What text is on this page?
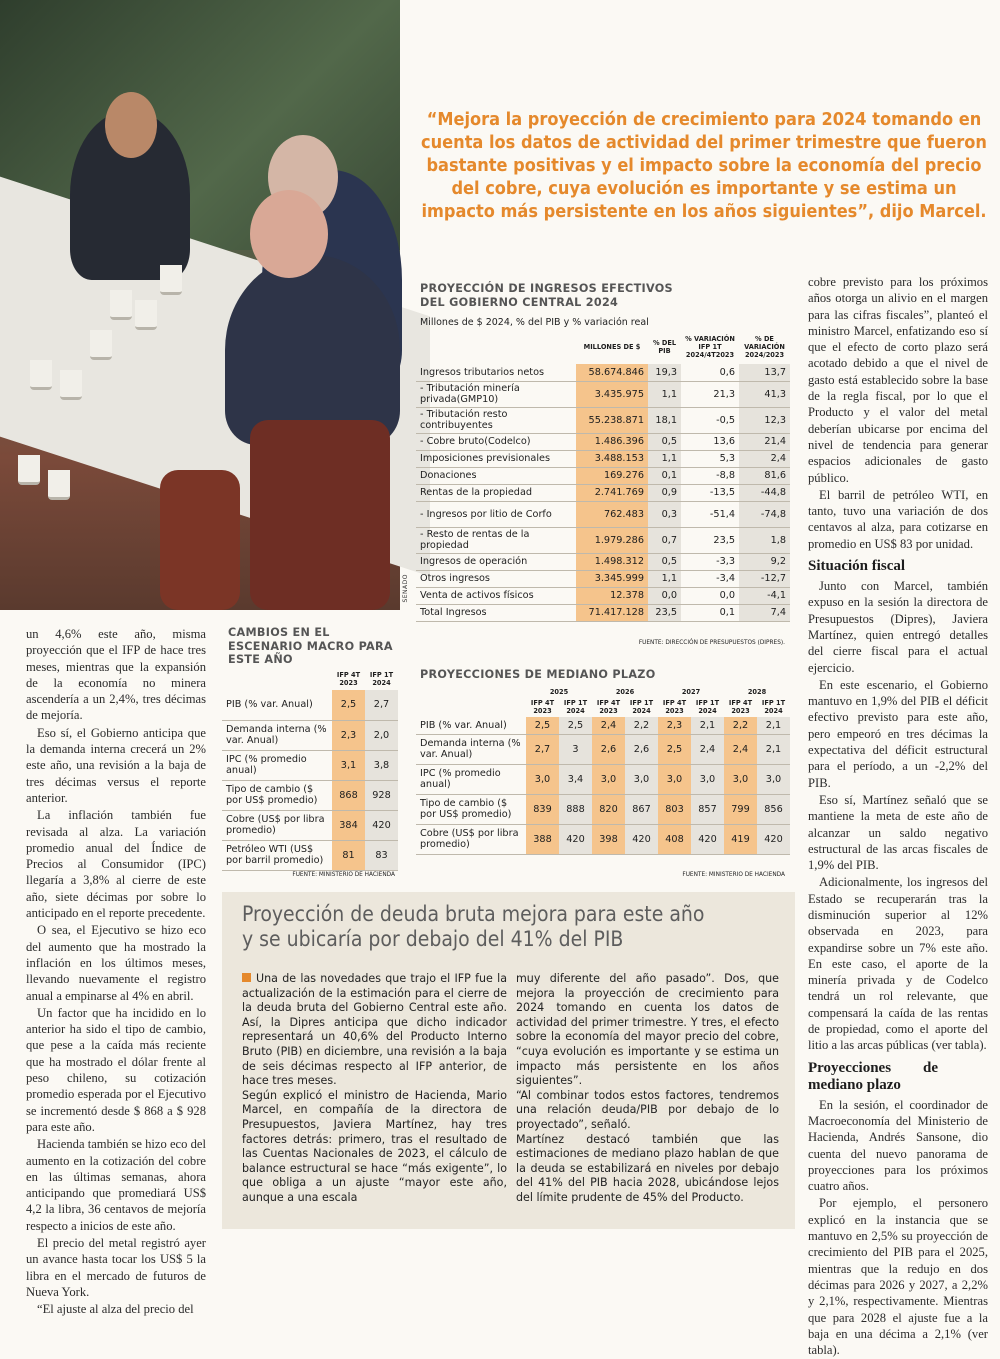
SENADO
“Mejora la proyección de crecimiento para 2024 tomando en cuenta los datos de actividad del primer trimestre que fueron bastante positivas y el impacto sobre la economía del precio del cobre, cuya evolución es importante y se estima un impacto más persistente en los años siguientes”, dijo Marcel.
PROYECCIÓN DE INGRESOS EFECTIVOS
DEL GOBIERNO CENTRAL 2024
Millones de $ 2024, % del PIB y % variación real
	MILLONES DE $	% DEL PIB	% VARIACIÓN IFP 1T 2024/4T2023	% DE VARIACIÓN 2024/2023
Ingresos tributarios netos	58.674.846	19,3	0,6	13,7
- Tributación minería privada(GMP10)	3.435.975	1,1	21,3	41,3
- Tributación resto contribuyentes	55.238.871	18,1	-0,5	12,3
- Cobre bruto(Codelco)	1.486.396	0,5	13,6	21,4
Imposiciones previsionales	3.488.153	1,1	5,3	2,4
Donaciones	169.276	0,1	-8,8	81,6
Rentas de la propiedad	2.741.769	0,9	-13,5	-44,8
- Ingresos por litio de Corfo	762.483	0,3	-51,4	-74,8
- Resto de rentas de la propiedad	1.979.286	0,7	23,5	1,8
Ingresos de operación	1.498.312	0,5	-3,3	9,2
Otros ingresos	3.345.999	1,1	-3,4	-12,7
Venta de activos físicos	12.378	0,0	0,0	-4,1
Total Ingresos	71.417.128	23,5	0,1	7,4
FUENTE: DIRECCIÓN DE PRESUPUESTOS (DIPRES).
CAMBIOS EN EL
ESCENARIO MACRO PARA
ESTE AÑO
	IFP 4T 2023	IFP 1T 2024
PIB (% var. Anual)	2,5	2,7
Demanda interna (% var. Anual)	2,3	2,0
IPC (% promedio anual)	3,1	3,8
Tipo de cambio ($ por US$ promedio)	868	928
Cobre (US$ por libra promedio)	384	420
Petróleo WTI (US$ por barril promedio)	81	83
FUENTE: MINISTERIO DE HACIENDA
PROYECCIONES DE MEDIANO PLAZO
	2025		2026		2027		2028	
	IFP 4T 2023	IFP 1T 2024	IFP 4T 2023	IFP 1T 2024	IFP 4T 2023	IFP 1T 2024	IFP 4T 2023	IFP 1T 2024
PIB (% var. Anual)	2,5	2,5	2,4	2,2	2,3	2,1	2,2	2,1
Demanda interna (% var. Anual)	2,7	3	2,6	2,6	2,5	2,4	2,4	2,1
IPC (% promedio anual)	3,0	3,4	3,0	3,0	3,0	3,0	3,0	3,0
Tipo de cambio ($ por US$ promedio)	839	888	820	867	803	857	799	856
Cobre (US$ por libra promedio)	388	420	398	420	408	420	419	420
FUENTE: MINISTERIO DE HACIENDA

un 4,6% este año, misma proyección que el IFP de hace tres meses, mientras que la expansión de la economía no minera ascendería a un 2,4%, tres décimas de mejoría.

Eso sí, el Gobierno anticipa que la demanda interna crecerá un 2% este año, una revisión a la baja de tres décimas versus el reporte anterior.

La inflación también fue revisada al alza. La variación promedio anual del Índice de Precios al Consumidor (IPC) llegaría a 3,8% al cierre de este año, siete décimas por sobre lo anticipado en el reporte precedente.

O sea, el Ejecutivo se hizo eco del aumento que ha mostrado la inflación en los últimos meses, llevando nuevamente el registro anual a empinarse al 4% en abril.

Un factor que ha incidido en lo anterior ha sido el tipo de cambio, que pese a la caída más reciente que ha mostrado el dólar frente al peso chileno, su cotización promedio esperada por el Ejecutivo se incrementó desde $ 868 a $ 928 para este año.

Hacienda también se hizo eco del aumento en la cotización del cobre en las últimas semanas, ahora anticipando que promediará US$ 4,2 la libra, 36 centavos de mejoría respecto a inicios de este año.

El precio del metal registró ayer un avance hasta tocar los US$ 5 la libra en el mercado de futuros de Nueva York.

“El ajuste al alza del precio del

cobre previsto para los próximos años otorga un alivio en el margen para las cifras fiscales”, planteó el ministro Marcel, enfatizando eso sí que el efecto de corto plazo será acotado debido a que el nivel de gasto está establecido sobre la base de la regla fiscal, por lo que el Producto y el valor del metal deberían ubicarse por encima del nivel de tendencia para generar espacios adicionales de gasto público.

El barril de petróleo WTI, en tanto, tuvo una variación de dos centavos al alza, para cotizarse en promedio en US$ 83 por unidad.

Situación fiscal

Junto con Marcel, también expuso en la sesión la directora de Presupuestos (Dipres), Javiera Martínez, quien entregó detalles del cierre fiscal para el actual ejercicio.

En este escenario, el Gobierno mantuvo en 1,9% del PIB el déficit efectivo previsto para este año, pero empeoró en tres décimas la expectativa del déficit estructural para el período, a un -2,2% del PIB.

Eso sí, Martínez señaló que se mantiene la meta de este año de alcanzar un saldo negativo estructural de las arcas fiscales de 1,9% del PIB.

Adicionalmente, los ingresos del Estado se recuperarán tras la disminución superior al 12% observada en 2023, para expandirse sobre un 7% este año. En este caso, el aporte de la minería privada y de Codelco tendrá un rol relevante, que compensará la caída de las rentas de propiedad, como el aporte del litio a las arcas públicas (ver tabla).

Proyecciones de mediano plazo

En la sesión, el coordinador de Macroeconomía del Ministerio de Hacienda, Andrés Sansone, dio cuenta del nuevo panorama de proyecciones para los próximos cuatro años.

Por ejemplo, el personero explicó en la instancia que se mantuvo en 2,5% su proyección de crecimiento del PIB para el 2025, mientras que la redujo en dos décimas para 2026 y 2027, a 2,2% y 2,1%, respectivamente. Mientras que para 2028 el ajuste fue a la baja en una décima a 2,1% (ver tabla).

Proyección de deuda bruta mejora para este año
y se ubicaría por debajo del 41% del PIB

Una de las novedades que trajo el IFP fue la actualización de la estimación para el cierre de la deuda bruta del Gobierno Central este año. Así, la Dipres anticipa que dicho indicador representará un 40,6% del Producto Interno Bruto (PIB) en diciembre, una revisión a la baja de seis décimas respecto al IFP anterior, de hace tres meses.

Según explicó el ministro de Hacienda, Mario Marcel, en compañía de la directora de Presupuestos, Javiera Martínez, hay tres factores detrás: primero, tras el resultado de las Cuentas Nacionales de 2023, el cálculo de balance estructural se hace “más exigente”, lo que obliga a un ajuste “mayor este año, aunque a una escala

muy diferente del año pasado”. Dos, que mejora la proyección de crecimiento para 2024 tomando en cuenta los datos de actividad del primer trimestre. Y tres, el efecto sobre la economía del mayor precio del cobre, “cuya evolución es importante y se estima un impacto más persistente en los años siguientes”.

“Al combinar todos estos factores, tendremos una relación deuda/PIB por debajo de lo proyectado”, señaló.

Martínez destacó también que las estimaciones de mediano plazo hablan de que la deuda se estabilizará en niveles por debajo del 41% del PIB hacia 2028, ubicándose lejos del límite prudente de 45% del Producto.
